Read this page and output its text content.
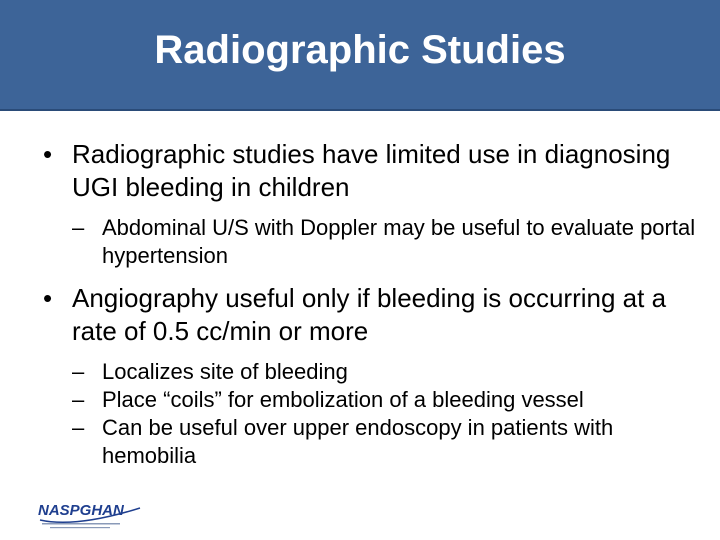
Radiographic Studies
• Radiographic studies have limited use in diagnosing UGI bleeding in children
– Abdominal U/S with Doppler may be useful to evaluate portal hypertension
• Angiography useful only if bleeding is occurring at a rate of 0.5 cc/min or more
– Localizes site of bleeding
– Place “coils” for embolization of a bleeding vessel
– Can be useful over upper endoscopy in patients with hemobilia
NASPGHAN
